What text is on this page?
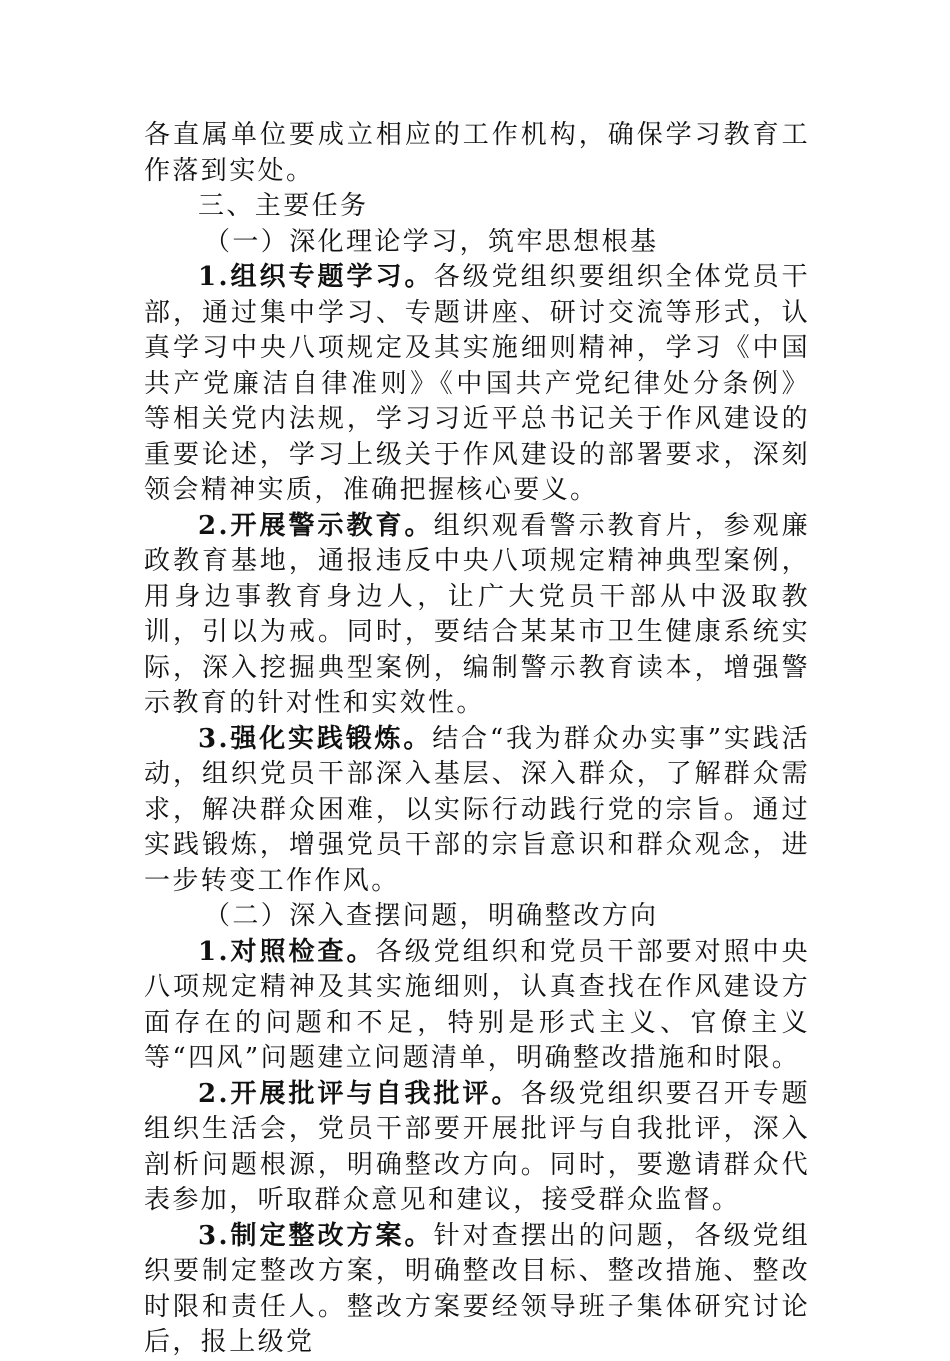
各直属单位要成立相应的工作机构，确保学习教育工作落到实处。

三、主要任务

（一）深化理论学习，筑牢思想根基

1.组织专题学习。各级党组织要组织全体党员干部，通过集中学习、专题讲座、研讨交流等形式，认真学习中央八项规定及其实施细则精神，学习《中国共产党廉洁自律准则》《中国共产党纪律处分条例》等相关党内法规，学习习近平总书记关于作风建设的重要论述，学习上级关于作风建设的部署要求，深刻领会精神实质，准确把握核心要义。

2.开展警示教育。组织观看警示教育片，参观廉政教育基地，通报违反中央八项规定精神典型案例，用身边事教育身边人，让广大党员干部从中汲取教训，引以为戒。同时，要结合某某市卫生健康系统实际，深入挖掘典型案例，编制警示教育读本，增强警示教育的针对性和实效性。

3.强化实践锻炼。结合“我为群众办实事”实践活动，组织党员干部深入基层、深入群众，了解群众需求，解决群众困难，以实际行动践行党的宗旨。通过实践锻炼，增强党员干部的宗旨意识和群众观念，进一步转变工作作风。

（二）深入查摆问题，明确整改方向

1.对照检查。各级党组织和党员干部要对照中央八项规定精神及其实施细则，认真查找在作风建设方面存在的问题和不足，特别是形式主义、官僚主义等“四风”问题建立问题清单，明确整改措施和时限。

2.开展批评与自我批评。各级党组织要召开专题组织生活会，党员干部要开展批评与自我批评，深入剖析问题根源，明确整改方向。同时，要邀请群众代表参加，听取群众意见和建议，接受群众监督。

3.制定整改方案。针对查摆出的问题，各级党组织要制定整改方案，明确整改目标、整改措施、整改时限和责任人。整改方案要经领导班子集体研究讨论后，报上级党
